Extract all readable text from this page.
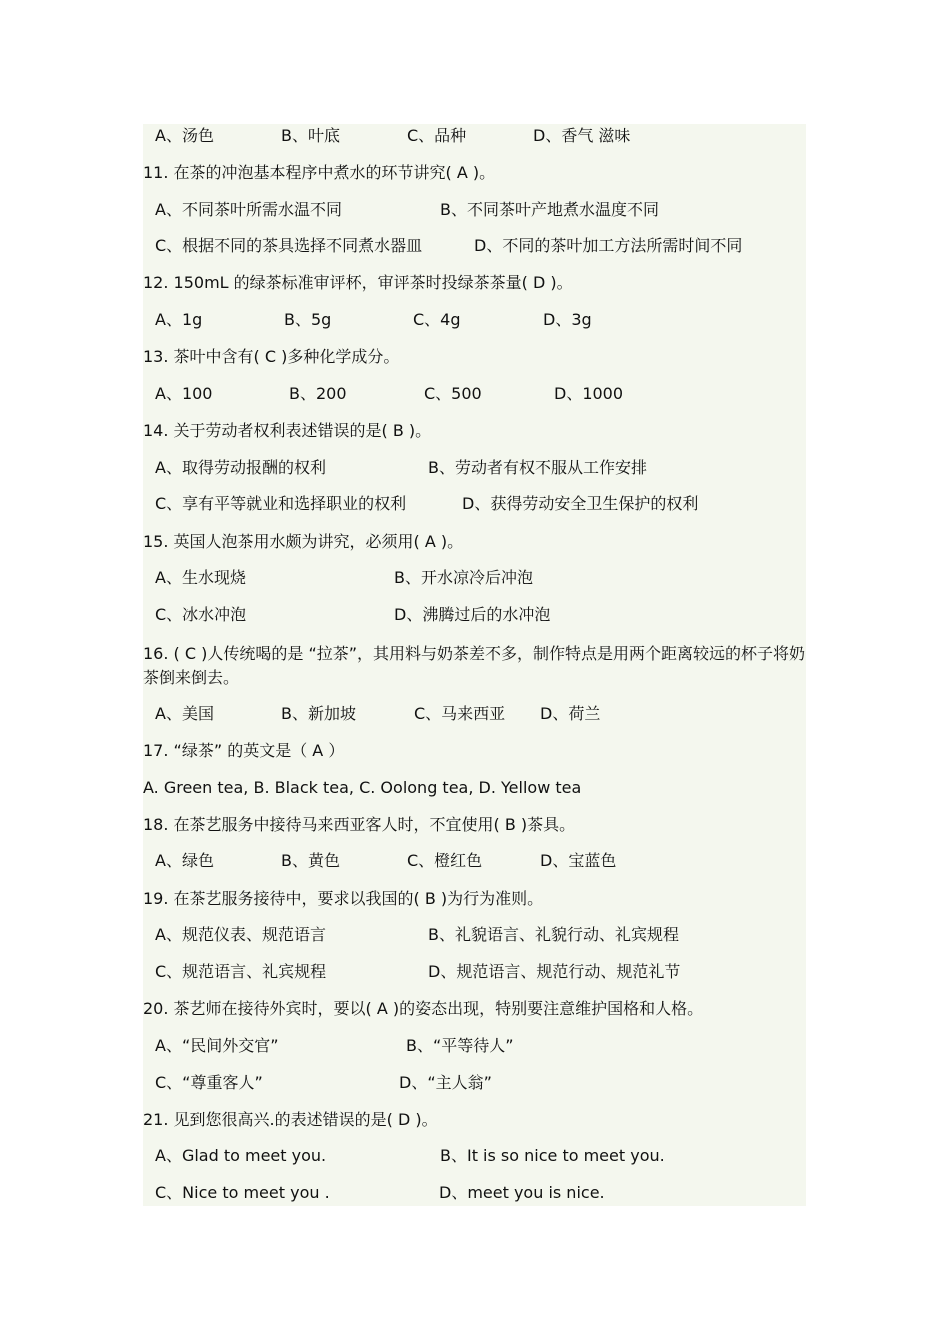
A、汤色	B、叶底	C、品种	D、香气 滋味
11. 在茶的冲泡基本程序中煮水的环节讲究( A )。
A、不同茶叶所需水温不同	B、不同茶叶产地煮水温度不同
C、根据不同的茶具选择不同煮水器皿	D、不同的茶叶加工方法所需时间不同
12. 150mL 的绿茶标准审评杯，审评茶时投绿茶茶量( D )。
A、1g	B、5g	C、4g	D、3g
13. 茶叶中含有( C )多种化学成分。
A、100	B、200	C、500	D、1000
14. 关于劳动者权利表述错误的是( B )。
A、取得劳动报酬的权利	B、劳动者有权不服从工作安排
C、享有平等就业和选择职业的权利	D、获得劳动安全卫生保护的权利
15. 英国人泡茶用水颇为讲究，必须用( A )。
A、生水现烧	B、开水凉冷后冲泡
C、冰水冲泡	D、沸腾过后的水冲泡
16. ( C )人传统喝的是 “拉茶”，其用料与奶茶差不多，制作特点是用两个距离较远的杯子将奶茶倒来倒去。
A、美国	B、新加坡	C、马来西亚 D、荷兰
17. “绿茶” 的英文是（ A ）
A. Green tea, B. Black tea, C. Oolong tea, D. Yellow tea
18. 在茶艺服务中接待马来西亚客人时，不宜使用( B )茶具。
A、绿色	B、黄色	C、橙红色	D、宝蓝色
19. 在茶艺服务接待中，要求以我国的( B )为行为准则。
A、规范仪表、规范语言	B、礼貌语言、礼貌行动、礼宾规程
C、规范语言、礼宾规程	D、规范语言、规范行动、规范礼节
20. 茶艺师在接待外宾时，要以( A )的姿态出现，特别要注意维护国格和人格。
A、“民间外交官”	B、“平等待人”
C、“尊重客人”	D、“主人翁”
21. 见到您很高兴.的表述错误的是( D )。
A、Glad to meet you.	B、It is so nice to meet you.
C、Nice to meet you .	D、meet you is nice.
